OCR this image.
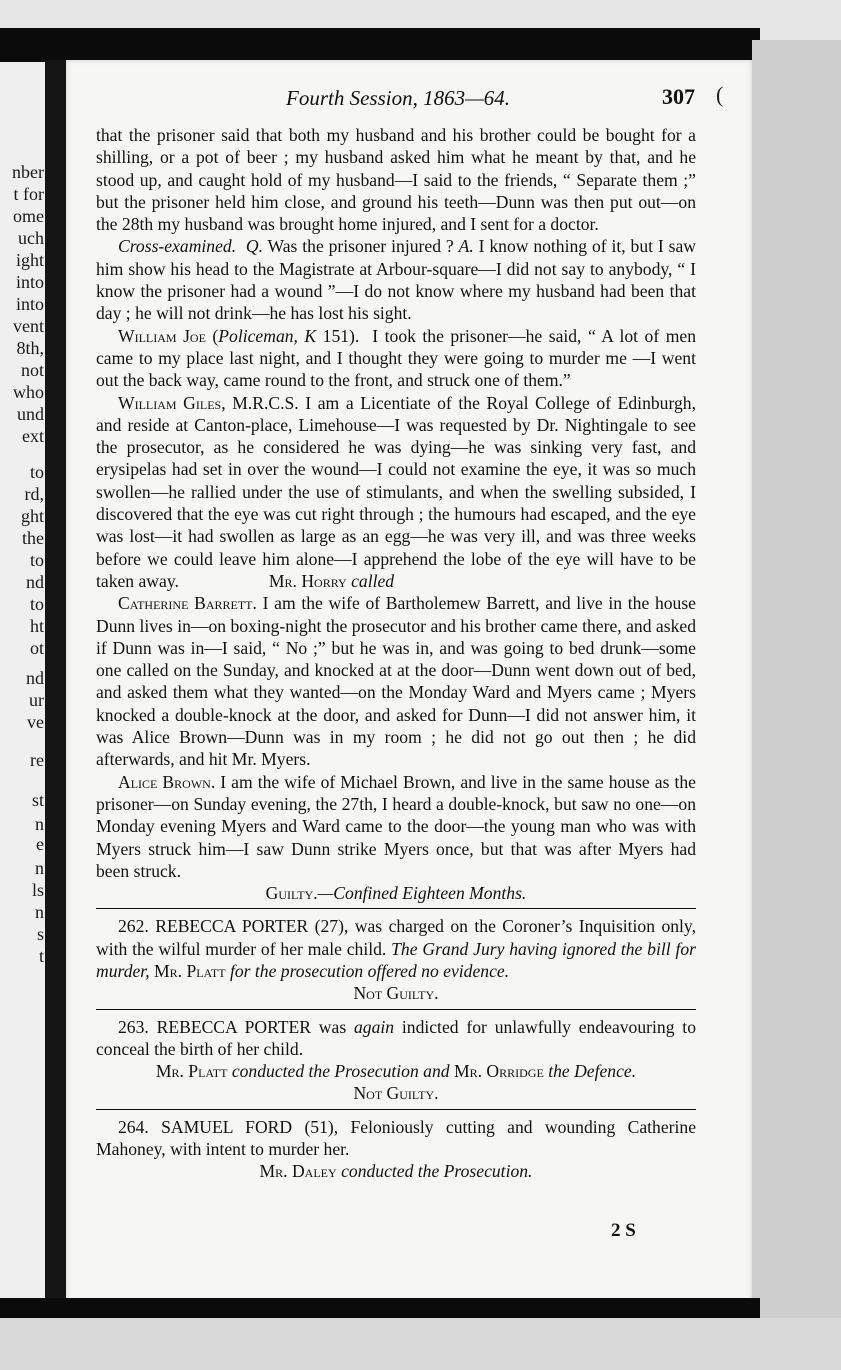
nber
t for
ome
uch
ight
into
into
vent
8th,
not
who
und
ext
to
rd,
ght
the
to
nd
to
ht
ot
nd
ur
ve
re
st
n
e
n
ls
n
s
t
Fourth Session, 1863—64.	307 (

that the prisoner said that both my husband and his brother could be bought for a shilling, or a pot of beer ; my husband asked him what he meant by that, and he stood up, and caught hold of my husband—I said to the friends, “ Separate them ;” but the prisoner held him close, and ground his teeth—Dunn was then put out—on the 28th my husband was brought home injured, and I sent for a doctor.

Cross-examined. Q. Was the prisoner injured ? A. I know nothing of it, but I saw him show his head to the Magistrate at Arbour-square—I did not say to anybody, “ I know the prisoner had a wound ”—I do not know where my husband had been that day ; he will not drink—he has lost his sight.

William Joe (Policeman, K 151).  I took the prisoner—he said, “ A lot of men came to my place last night, and I thought they were going to murder me —I went out the back way, came round to the front, and struck one of them.”

William Giles, M.R.C.S. I am a Licentiate of the Royal College of Edinburgh, and reside at Canton-place, Limehouse—I was requested by Dr. Nightingale to see the prosecutor, as he considered he was dying—he was sinking very fast, and erysipelas had set in over the wound—I could not examine the eye, it was so much swollen—he rallied under the use of stimulants, and when the swelling subsided, I discovered that the eye was cut right through ; the humours had escaped, and the eye was lost—it had swollen as large as an egg—he was very ill, and was three weeks before we could leave him alone—I apprehend the lobe of the eye will have to be taken away.	Mr. Horry called

Catherine Barrett. I am the wife of Bartholemew Barrett, and live in the house Dunn lives in—on boxing-night the prosecutor and his brother came there, and asked if Dunn was in—I said, “ No ;” but he was in, and was going to bed drunk—some one called on the Sunday, and knocked at at the door—Dunn went down out of bed, and asked them what they wanted—on the Monday Ward and Myers came ; Myers knocked a double-knock at the door, and asked for Dunn—I did not answer him, it was Alice Brown—Dunn was in my room ; he did not go out then ; he did afterwards, and hit Mr. Myers.

Alice Brown. I am the wife of Michael Brown, and live in the same house as the prisoner—on Sunday evening, the 27th, I heard a double-knock, but saw no one—on Monday evening Myers and Ward came to the door—the young man who was with Myers struck him—I saw Dunn strike Myers once, but that was after Myers had been struck.

Guilty.—Confined Eighteen Months.

262. REBECCA PORTER (27), was charged on the Coroner’s Inquisition only, with the wilful murder of her male child. The Grand Jury having ignored the bill for murder, Mr. Platt for the prosecution offered no evidence.

Not Guilty.

263. REBECCA PORTER was again indicted for unlawfully endeavouring to conceal the birth of her child.

Mr. Platt conducted the Prosecution and Mr. Orridge the Defence.

Not Guilty.

264. SAMUEL FORD (51), Feloniously cutting and wounding Catherine Mahoney, with intent to murder her.

Mr. Daley conducted the Prosecution.

2 S
